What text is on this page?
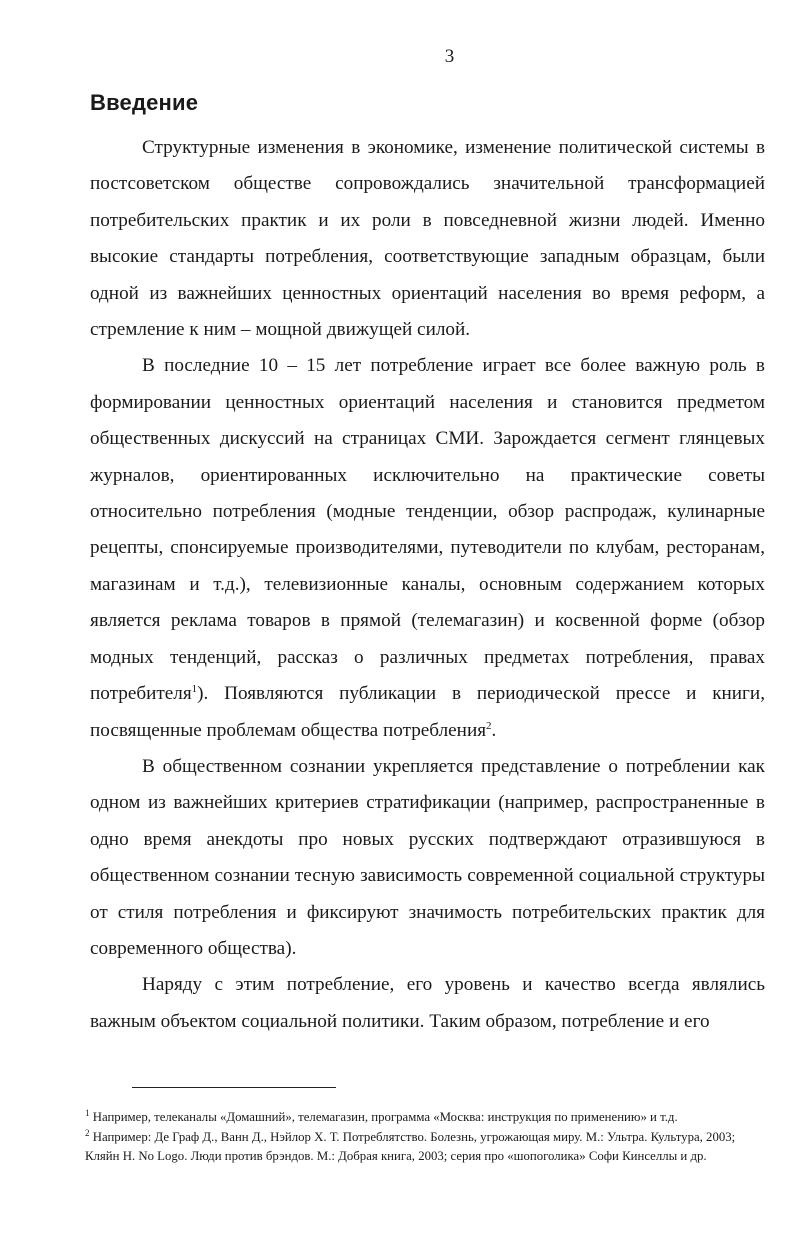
3
Введение

Структурные изменения в экономике, изменение политической системы в постсоветском обществе сопровождались значительной трансформацией потребительских практик и их роли в повседневной жизни людей. Именно высокие стандарты потребления, соответствующие западным образцам, были одной из важнейших ценностных ориентаций населения во время реформ, а стремление к ним – мощной движущей силой.

В последние 10 – 15 лет потребление играет все более важную роль в формировании ценностных ориентаций населения и становится предметом общественных дискуссий на страницах СМИ. Зарождается сегмент глянцевых журналов, ориентированных исключительно на практические советы относительно потребления (модные тенденции, обзор распродаж, кулинарные рецепты, спонсируемые производителями, путеводители по клубам, ресторанам, магазинам и т.д.), телевизионные каналы, основным содержанием которых является реклама товаров в прямой (телемагазин) и косвенной форме (обзор модных тенденций, рассказ о различных предметах потребления, правах потребителя$^1$). Появляются публикации в периодической прессе и книги, посвященные проблемам общества потребления$^2$.

В общественном сознании укрепляется представление о потреблении как одном из важнейших критериев стратификации (например, распространенные в одно время анекдоты про новых русских подтверждают отразившуюся в общественном сознании тесную зависимость современной социальной структуры от стиля потребления и фиксируют значимость потребительских практик для современного общества).

Наряду с этим потребление, его уровень и качество всегда являлись важным объектом социальной политики. Таким образом, потребление и его

$^1$ Например, телеканалы «Домашний», телемагазин, программа «Москва: инструкция по применению» и т.д.

$^2$ Например: Де Граф Д., Ванн Д., Нэйлор Х. Т. Потреблятство. Болезнь, угрожающая миру. М.: Ультра. Культура, 2003; Кляйн Н. No Logo. Люди против брэндов. М.: Добрая книга, 2003; серия про «шопоголика» Софи Кинселлы и др.
